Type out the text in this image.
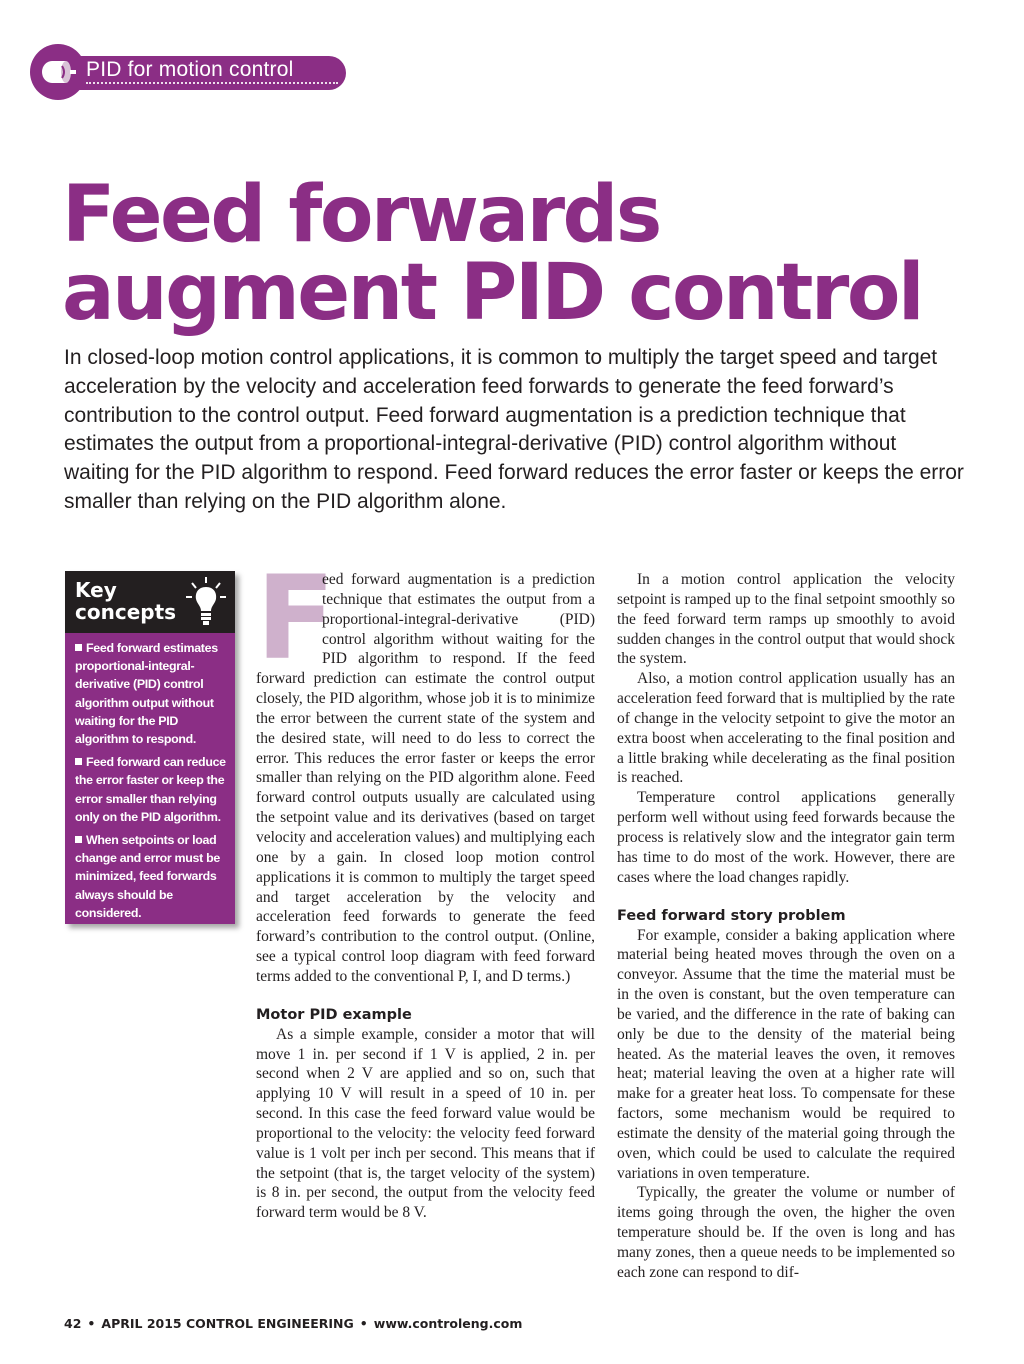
PID for motion control
Feed forwards
augment PID control

In closed-loop motion control applications, it is common to multiply the target speed and target acceleration by the velocity and acceleration feed forwards to generate the feed forward’s contribution to the control output. Feed forward augmentation is a prediction technique that estimates the output from a proportional-integral-derivative (PID) control algorithm without waiting for the PID algorithm to respond. Feed forward reduces the error faster or keeps the error smaller than relying on the PID algorithm alone.

Key
concepts
Feed forward estimates proportional-integral-derivative (PID) control algorithm output without waiting for the PID algorithm to respond.
Feed forward can reduce the error faster or keep the error smaller than relying only on the PID algorithm.
When setpoints or load change and error must be minimized, feed forwards always should be considered.

F
eed forward augmentation is a prediction technique that estimates the output from a proportional-integral-derivative (PID) control algorithm without waiting for the PID algorithm to respond. If the feed forward prediction can estimate the control output closely, the PID algorithm, whose job it is to minimize the error between the current state of the system and the desired state, will need to do less to correct the error. This reduces the error faster or keeps the error smaller than relying on the PID algorithm alone. Feed forward control outputs usually are calculated using the setpoint value and its derivatives (based on target velocity and acceleration values) and multiplying each one by a gain. In closed loop motion control applications it is common to multiply the target speed and target acceleration by the velocity and acceleration feed forwards to generate the feed forward’s contribution to the control output. (Online, see a typical control loop diagram with feed forward terms added to the conventional P, I, and D terms.)

Motor PID example

As a simple example, consider a motor that will move 1 in. per second if 1 V is applied, 2 in. per second when 2 V are applied and so on, such that applying 10 V will result in a speed of 10 in. per second. In this case the feed forward value would be proportional to the velocity: the velocity feed forward value is 1 volt per inch per second. This means that if the setpoint (that is, the target velocity of the system) is 8 in. per second, the output from the velocity feed forward term would be 8 V.

In a motion control application the velocity setpoint is ramped up to the final setpoint smoothly so the feed forward term ramps up smoothly to avoid sudden changes in the control output that would shock the system.

Also, a motion control application usually has an acceleration feed forward that is multiplied by the rate of change in the velocity setpoint to give the motor an extra boost when accelerating to the final position and a little braking while decelerating as the final position is reached.

Temperature control applications generally perform well without using feed forwards because the process is relatively slow and the integrator gain term has time to do most of the work. However, there are cases where the load changes rapidly.

Feed forward story problem

For example, consider a baking application where material being heated moves through the oven on a conveyor. Assume that the time the material must be in the oven is constant, but the oven temperature can be varied, and the difference in the rate of baking can only be due to the density of the material being heated. As the material leaves the oven, it removes heat; material leaving the oven at a higher rate will make for a greater heat loss. To compensate for these factors, some mechanism would be required to estimate the density of the material going through the oven, which could be used to calculate the required variations in oven temperature.

Typically, the greater the volume or number of items going through the oven, the higher the oven temperature should be. If the oven is long and has many zones, then a queue needs to be implemented so each zone can respond to dif-

42 • APRIL 2015 CONTROL ENGINEERING • www.controleng.com
